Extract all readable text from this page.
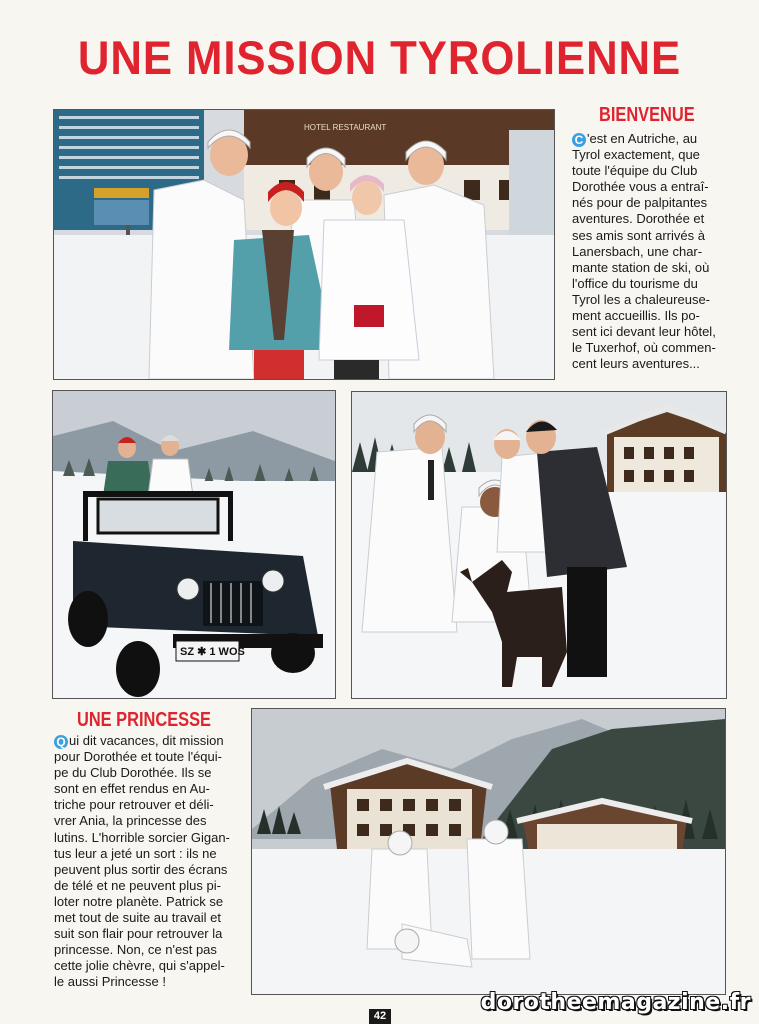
UNE MISSION TYROLIENNE
HOTEL RESTAURANT
BIENVENUE
C 'est en Autriche, au
Tyrol exactement, que
toute l'équipe du Club
Dorothée vous a entraî-
nés pour de palpitantes
aventures. Dorothée et
ses amis sont arrivés à
Lanersbach, une char-
mante station de ski, où
l'office du tourisme du
Tyrol les a chaleureuse-
ment accueillis. Ils po-
sent ici devant leur hôtel,
le Tuxerhof, où commen-
cent leurs aventures...
SZ ✱ 1 WOS
UNE PRINCESSE
Q ui dit vacances, dit mission
pour Dorothée et toute l'équi-
pe du Club Dorothée. Ils se
sont en effet rendus en Au-
triche pour retrouver et déli-
vrer Ania, la princesse des
lutins. L'horrible sorcier Gigan-
tus leur a jeté un sort : ils ne
peuvent plus sortir des écrans
de télé et ne peuvent plus pi-
loter notre planète. Patrick se
met tout de suite au travail et
suit son flair pour retrouver la
princesse. Non, ce n'est pas
cette jolie chèvre, qui s'appel-
le aussi Princesse !
42
dorotheemagazine.fr
